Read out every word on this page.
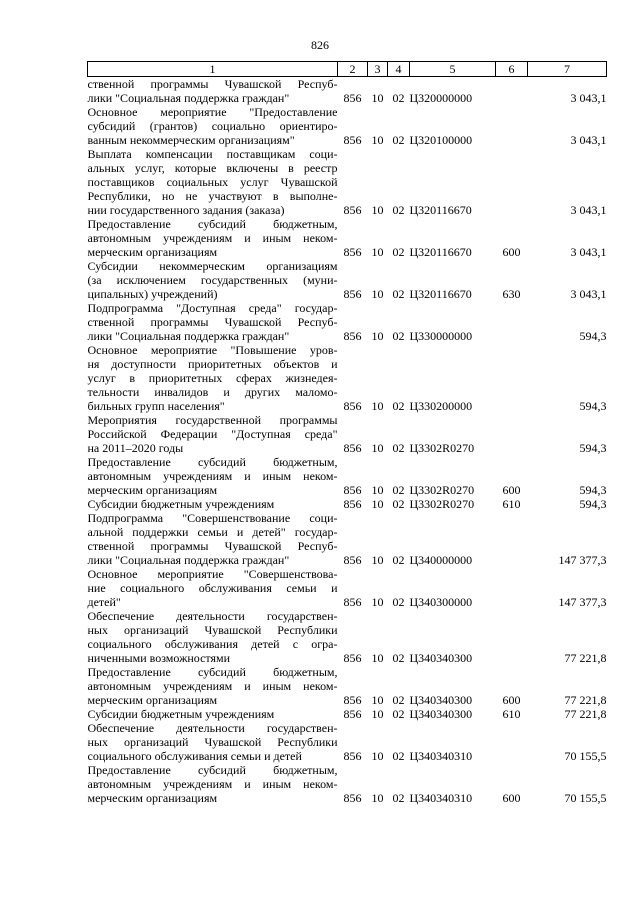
826
1	2	3	4	5	6	7

ственной программы Чувашской Респуб-
лики "Социальная поддержка граждан"	856	10	02	Ц320000000		3 043,1

Основное мероприятие "Предоставление
субсидий (грантов) социально ориентиро-
ванным некоммерческим организациям"	856	10	02	Ц320100000		3 043,1

Выплата компенсации поставщикам соци-
альных услуг, которые включены в реестр
поставщиков социальных услуг Чувашской
Республики, но не участвуют в выполне-
нии государственного задания (заказа)	856	10	02	Ц320116670		3 043,1

Предоставление субсидий бюджетным,
автономным учреждениям и иным неком-
мерческим организациям	856	10	02	Ц320116670	600	3 043,1

Субсидии некоммерческим организациям
(за исключением государственных (муни-
ципальных) учреждений)	856	10	02	Ц320116670	630	3 043,1

Подпрограмма "Доступная среда" государ-
ственной программы Чувашской Респуб-
лики "Социальная поддержка граждан"	856	10	02	Ц330000000		594,3

Основное мероприятие "Повышение уров-
ня доступности приоритетных объектов и
услуг в приоритетных сферах жизнедея-
тельности инвалидов и других маломо-
бильных групп населения"	856	10	02	Ц330200000		594,3

Мероприятия государственной программы
Российской Федерации "Доступная среда"
на 2011–2020 годы	856	10	02	Ц3302R0270		594,3

Предоставление субсидий бюджетным,
автономным учреждениям и иным неком-
мерческим организациям	856	10	02	Ц3302R0270	600	594,3

Субсидии бюджетным учреждениям	856	10	02	Ц3302R0270	610	594,3

Подпрограмма "Совершенствование соци-
альной поддержки семьи и детей" государ-
ственной программы Чувашской Респуб-
лики "Социальная поддержка граждан"	856	10	02	Ц340000000		147 377,3

Основное мероприятие "Совершенствова-
ние социального обслуживания семьи и
детей"	856	10	02	Ц340300000		147 377,3

Обеспечение деятельности государствен-
ных организаций Чувашской Республики
социального обслуживания детей с огра-
ниченными возможностями	856	10	02	Ц340340300		77 221,8

Предоставление субсидий бюджетным,
автономным учреждениям и иным неком-
мерческим организациям	856	10	02	Ц340340300	600	77 221,8

Субсидии бюджетным учреждениям	856	10	02	Ц340340300	610	77 221,8

Обеспечение деятельности государствен-
ных организаций Чувашской Республики
социального обслуживания семьи и детей	856	10	02	Ц340340310		70 155,5

Предоставление субсидий бюджетным,
автономным учреждениям и иным неком-
мерческим организациям	856	10	02	Ц340340310	600	70 155,5
